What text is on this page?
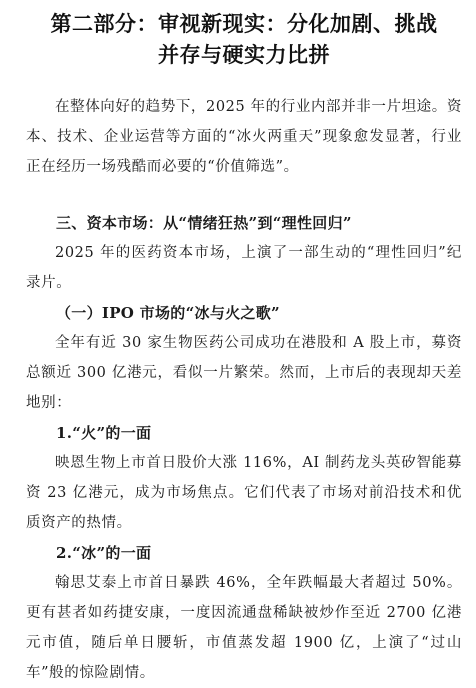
第二部分：审视新现实：分化加剧、挑战
并存与硬实力比拼

在整体向好的趋势下，2025 年的行业内部并非一片坦途。资本、技术、企业运营等方面的“冰火两重天”现象愈发显著，行业正在经历一场残酷而必要的“价值筛选”。

三、资本市场：从“情绪狂热”到“理性回归”

2025 年的医药资本市场，上演了一部生动的“理性回归”纪录片。

（一）IPO 市场的“冰与火之歌”

全年有近 30 家生物医药公司成功在港股和 A 股上市，募资总额近 300 亿港元，看似一片繁荣。然而，上市后的表现却天差地别：

1.“火”的一面

映恩生物上市首日股价大涨 116%，AI 制药龙头英矽智能募资 23 亿港元，成为市场焦点。它们代表了市场对前沿技术和优质资产的热情。

2.“冰”的一面

翰思艾泰上市首日暴跌 46%，全年跌幅最大者超过 50%。更有甚者如药捷安康，一度因流通盘稀缺被炒作至近 2700 亿港元市值，随后单日腰斩，市值蒸发超 1900 亿，上演了“过山车”般的惊险剧情。
